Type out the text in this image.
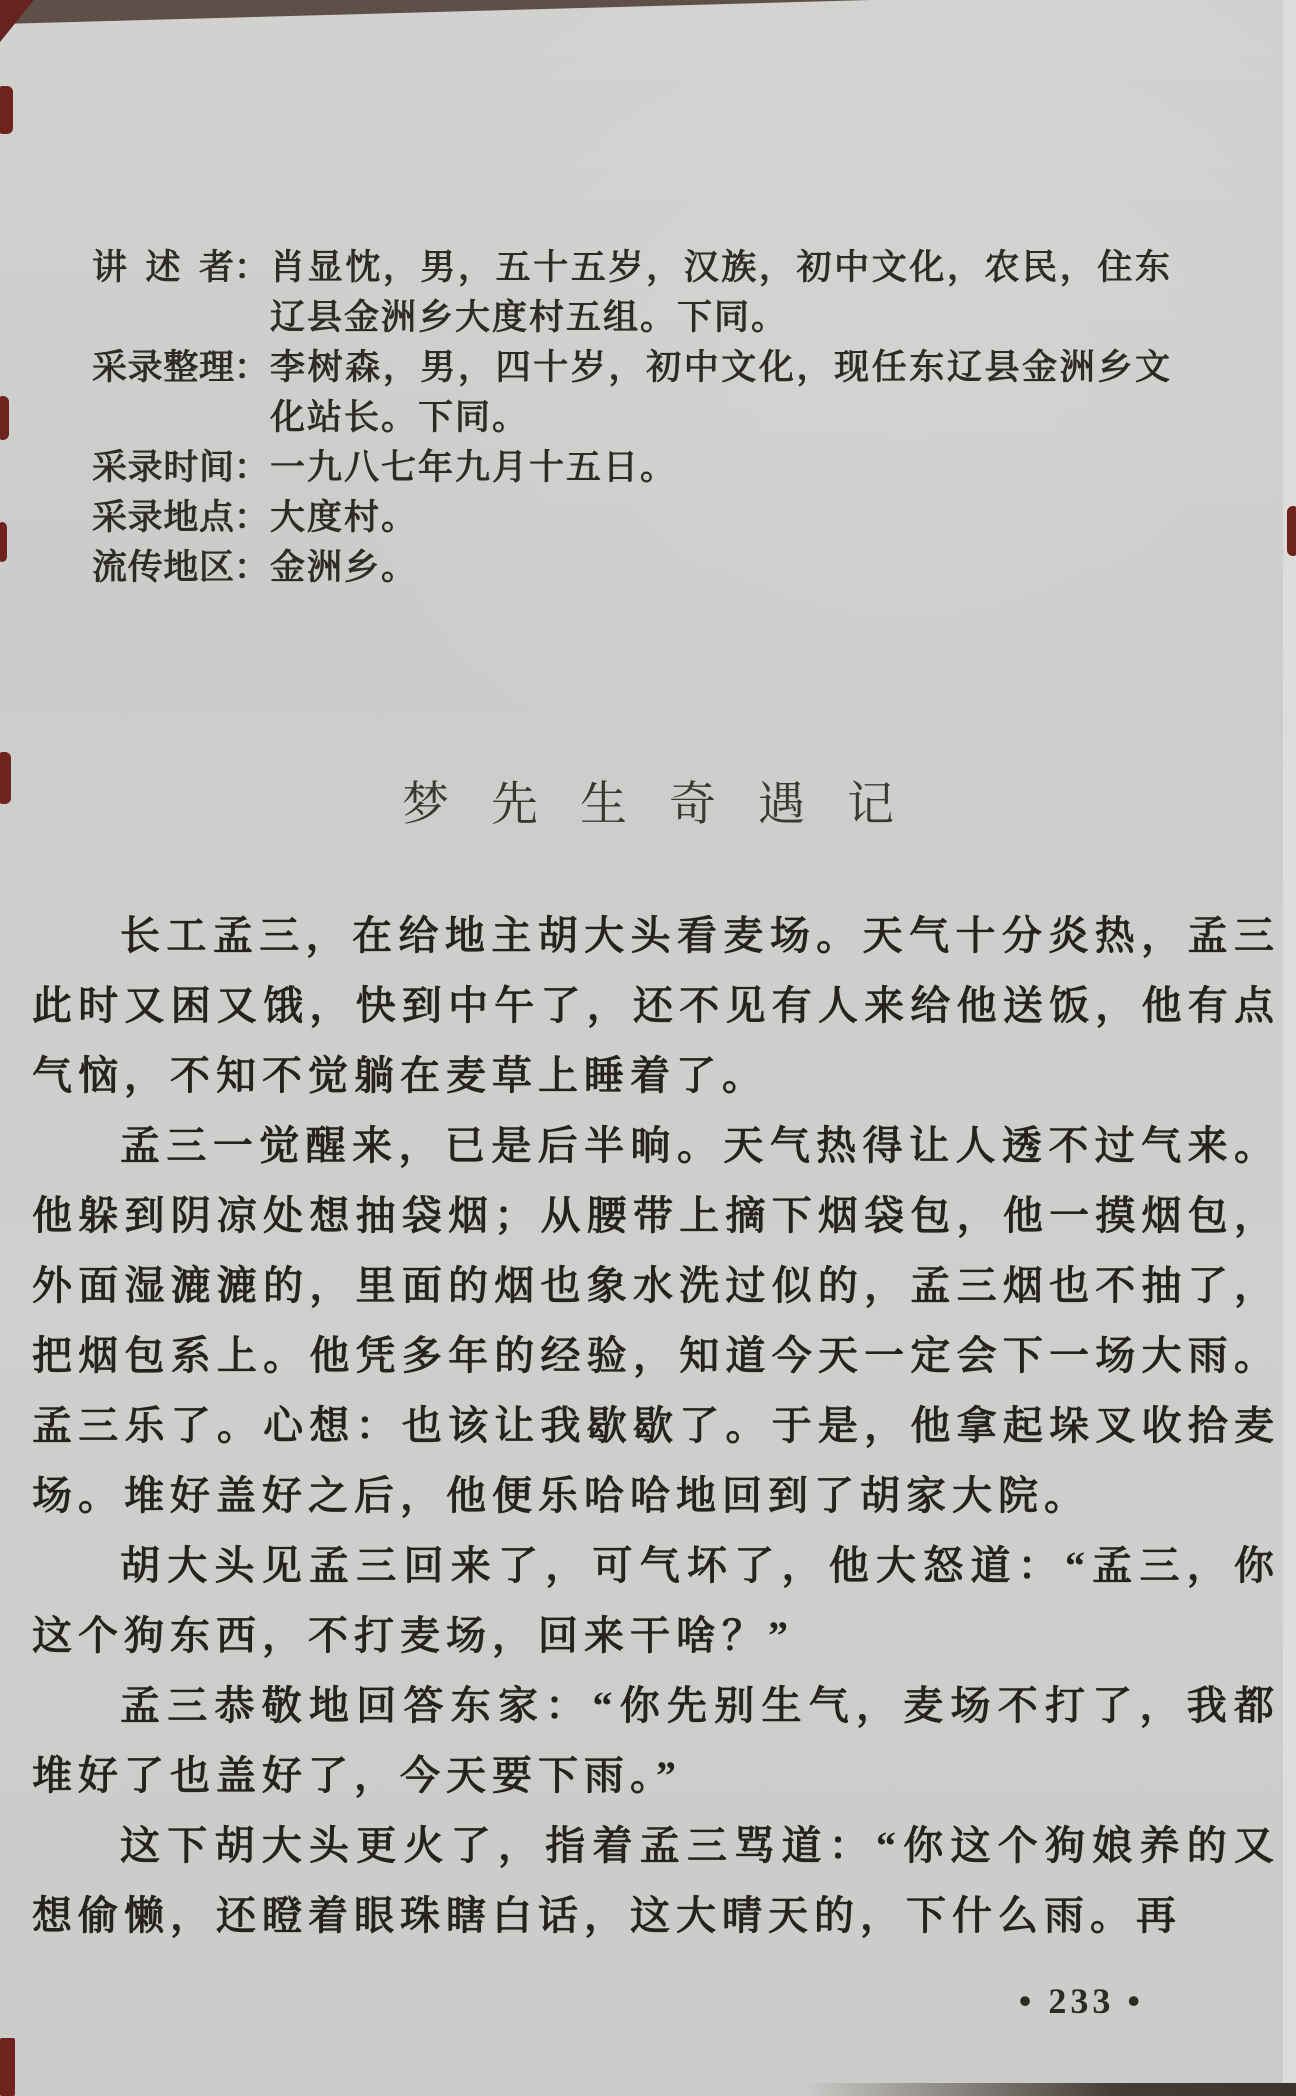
讲述者 ： 肖显忱，男，五十五岁，汉族，初中文化，农民，住东辽县金洲乡大度村五组。下同。
采录整理 ： 李树森，男，四十岁，初中文化，现任东辽县金洲乡文化站长。下同。
采录时间 ： 一九八七年九月十五日。
采录地点 ： 大度村。
流传地区 ： 金洲乡。
梦先生奇遇记

长工孟三，在给地主胡大头看麦场。天气十分炎热，孟三此时又困又饿，快到中午了，还不见有人来给他送饭，他有点气恼，不知不觉躺在麦草上睡着了。

孟三一觉醒来，已是后半晌。天气热得让人透不过气来。他躲到阴凉处想抽袋烟；从腰带上摘下烟袋包，他一摸烟包，外面湿漉漉的，里面的烟也象水洗过似的，孟三烟也不抽了，把烟包系上。他凭多年的经验，知道今天一定会下一场大雨。孟三乐了。心想：也该让我歇歇了。于是，他拿起垛叉收拾麦场。堆好盖好之后，他便乐哈哈地回到了胡家大院。

胡大头见孟三回来了，可气坏了，他大怒道：“孟三，你这个狗东西，不打麦场，回来干啥？”

孟三恭敬地回答东家：“你先别生气，麦场不打了，我都堆好了也盖好了，今天要下雨。”

这下胡大头更火了，指着孟三骂道：“你这个狗娘养的又想偷懒，还瞪着眼珠瞎白话，这大晴天的，下什么雨。再

• 233 •
